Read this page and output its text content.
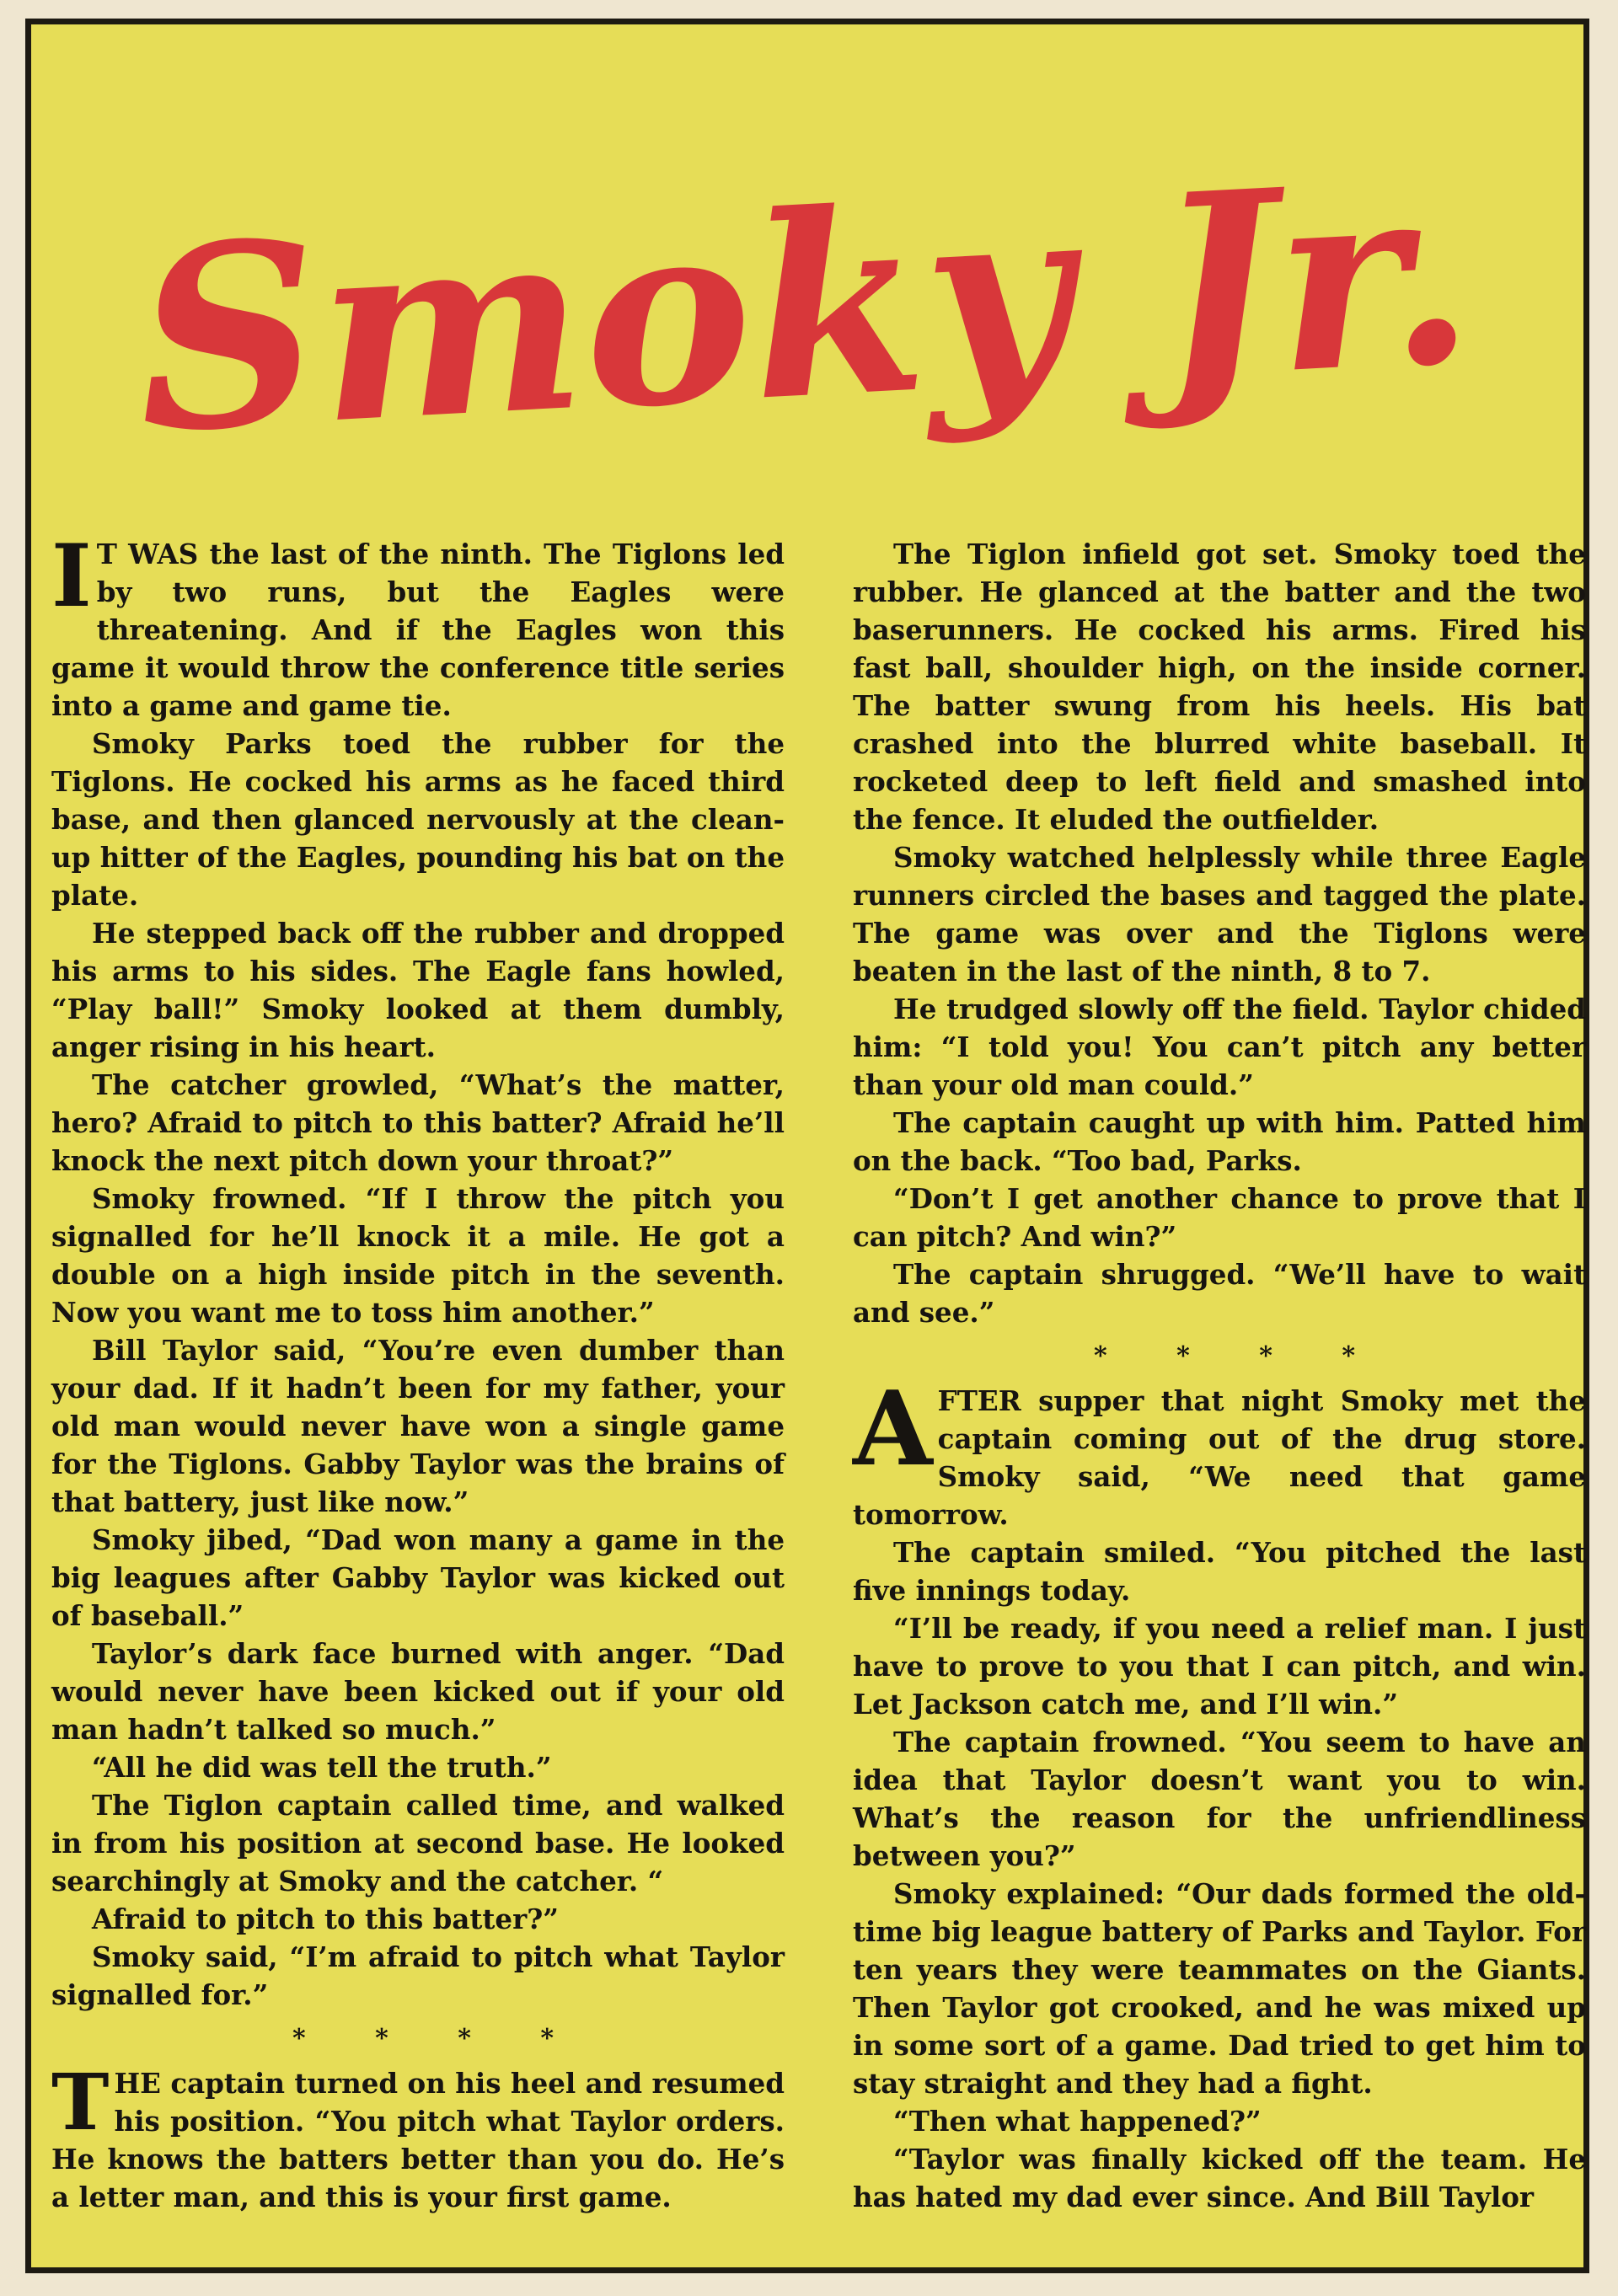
Smoky Jr.

I T WAS the last of the ninth. The Tiglons led by two runs, but the Eagles were threatening. And if the Eagles won this game it would throw the conference title series into a game and game tie.

Smoky Parks toed the rubber for the Tiglons. He cocked his arms as he faced third base, and then glanced nervously at the clean-up hitter of the Eagles, pounding his bat on the plate.

He stepped back off the rubber and dropped his arms to his sides. The Eagle fans howled, “Play ball!” Smoky looked at them dumbly, anger rising in his heart.

The catcher growled, “What’s the matter, hero? Afraid to pitch to this batter? Afraid he’ll knock the next pitch down your throat?”

Smoky frowned. “If I throw the pitch you signalled for he’ll knock it a mile. He got a double on a high inside pitch in the seventh. Now you want me to toss him another.”

Bill Taylor said, “You’re even dumber than your dad. If it hadn’t been for my father, your old man would never have won a single game for the Tiglons. Gabby Taylor was the brains of that battery, just like now.”

Smoky jibed, “Dad won many a game in the big leagues after Gabby Taylor was kicked out of baseball.”

Taylor’s dark face burned with anger. “Dad would never have been kicked out if your old man hadn’t talked so much.”

“All he did was tell the truth.”

The Tiglon captain called time, and walked in from his position at second base. He looked searchingly at Smoky and the catcher. “

Afraid to pitch to this batter?”

Smoky said, “I’m afraid to pitch what Taylor signalled for.”

* * * *

THE captain turned on his heel and resumed his position. “You pitch what Taylor orders. He knows the batters better than you do. He’s a letter man, and this is your first game.

The Tiglon infield got set. Smoky toed the rubber. He glanced at the batter and the two baserunners. He cocked his arms. Fired his fast ball, shoulder high, on the inside corner. The batter swung from his heels. His bat crashed into the blurred white baseball. It rocketed deep to left field and smashed into the fence. It eluded the outfielder.

Smoky watched helplessly while three Eagle runners circled the bases and tagged the plate. The game was over and the Tiglons were beaten in the last of the ninth, 8 to 7.

He trudged slowly off the field. Taylor chided him: “I told you! You can’t pitch any better than your old man could.”

The captain caught up with him. Patted him on the back. “Too bad, Parks.

“Don’t I get another chance to prove that I can pitch? And win?”

The captain shrugged. “We’ll have to wait and see.”

* * * *

AFTER supper that night Smoky met the captain coming out of the drug store. Smoky said, “We need that game tomorrow.

The captain smiled. “You pitched the last five innings today.

“I’ll be ready, if you need a relief man. I just have to prove to you that I can pitch, and win. Let Jackson catch me, and I’ll win.”

The captain frowned. “You seem to have an idea that Taylor doesn’t want you to win. What’s the reason for the unfriendliness between you?”

Smoky explained: “Our dads formed the old-time big league battery of Parks and Taylor. For ten years they were teammates on the Giants. Then Taylor got crooked, and he was mixed up in some sort of a game. Dad tried to get him to stay straight and they had a fight.

“Then what happened?”

“Taylor was finally kicked off the team. He has hated my dad ever since. And Bill Taylor
